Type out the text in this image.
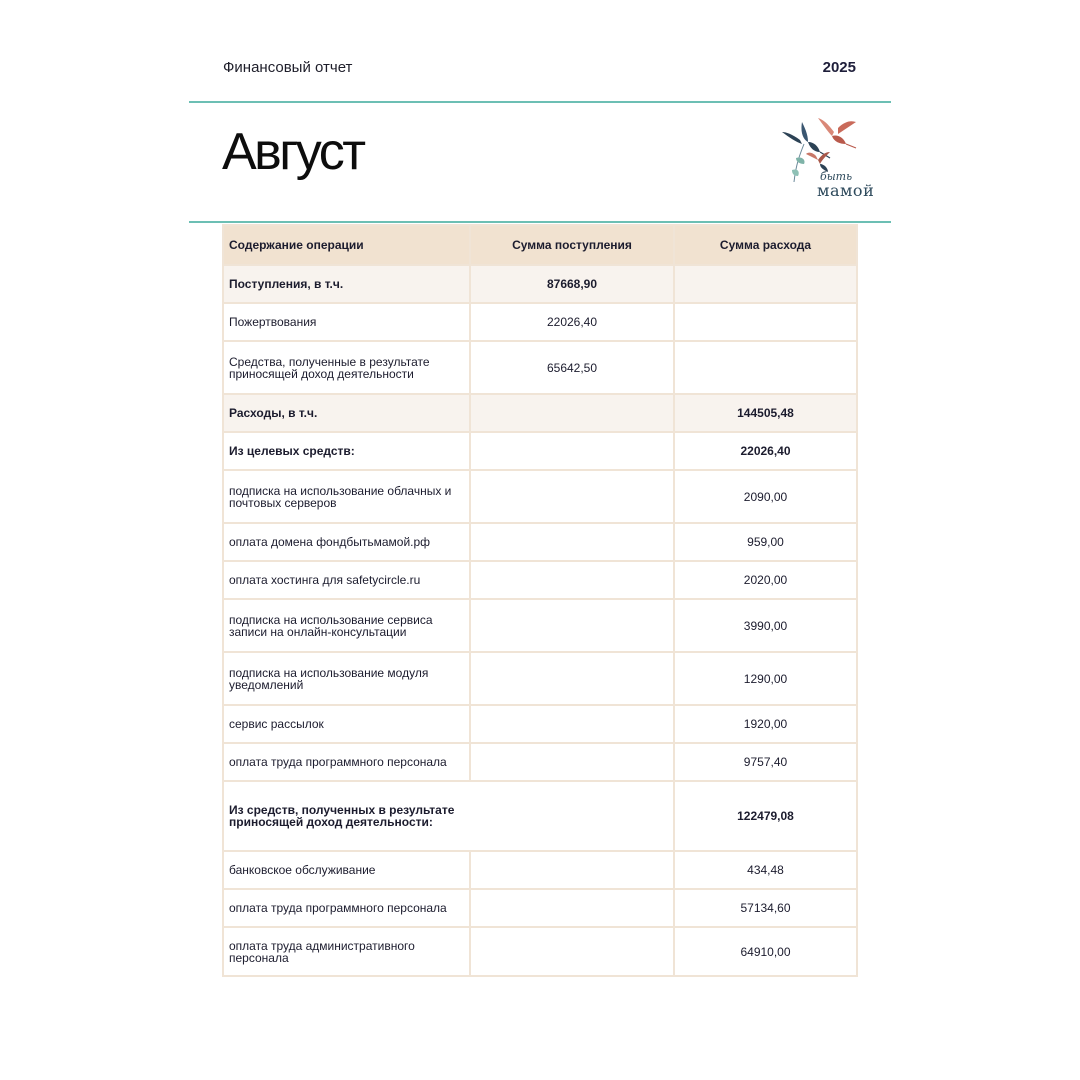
Финансовый отчет	2025
Август	быть
мамой
Содержание операции	Сумма поступления	Сумма расхода
Поступления, в т.ч.	87668,90	
Пожертвования	22026,40	
Средства, полученные в результате приносящей доход деятельности	65642,50	
Расходы, в т.ч.		144505,48
Из целевых средств:		22026,40
подписка на использование облачных и почтовых серверов		2090,00
оплата домена фондбытьмамой.рф		959,00
оплата хостинга для safetycircle.ru		2020,00
подписка на использование сервиса записи на онлайн-консультации		3990,00
подписка на использование модуля уведомлений		1290,00
сервис рассылок		1920,00
оплата труда программного персонала		9757,40
Из средств, полученных в результате приносящей доход деятельности:		122479,08
банковское обслуживание		434,48
оплата труда программного персонала		57134,60
оплата труда административного персонала		64910,00
